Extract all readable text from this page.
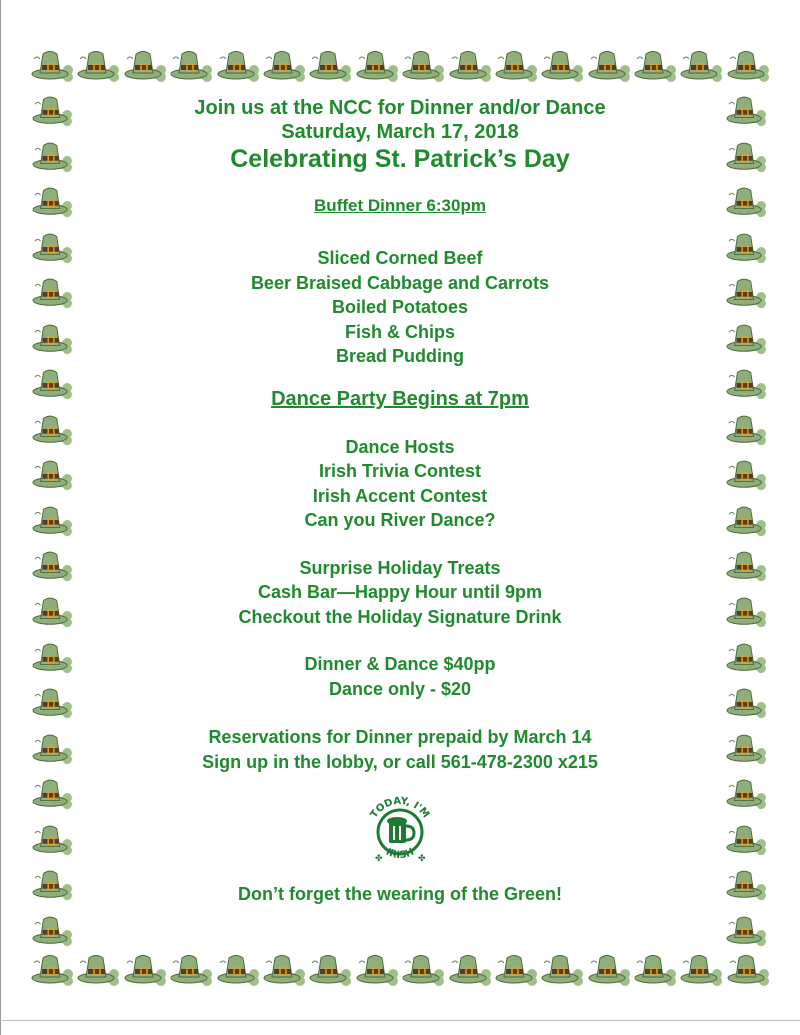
Join us at the NCC for Dinner and/or Dance
Saturday, March 17, 2018
Celebrating St. Patrick’s Day
Buffet Dinner 6:30pm
Sliced Corned Beef
Beer Braised Cabbage and Carrots
Boiled Potatoes
Fish & Chips
Bread Pudding
Dance Party Begins at 7pm
Dance Hosts
Irish Trivia Contest
Irish Accent Contest
Can you River Dance?
Surprise Holiday Treats
Cash Bar—Happy Hour until 9pm
Checkout the Holiday Signature Drink
Dinner & Dance $40pp
Dance only - $20
Reservations for Dinner prepaid by March 14
Sign up in the lobby, or call 561-478-2300 x215
TODAY, I'M
IRISH
✤	✤
Don’t forget the wearing of the Green!
